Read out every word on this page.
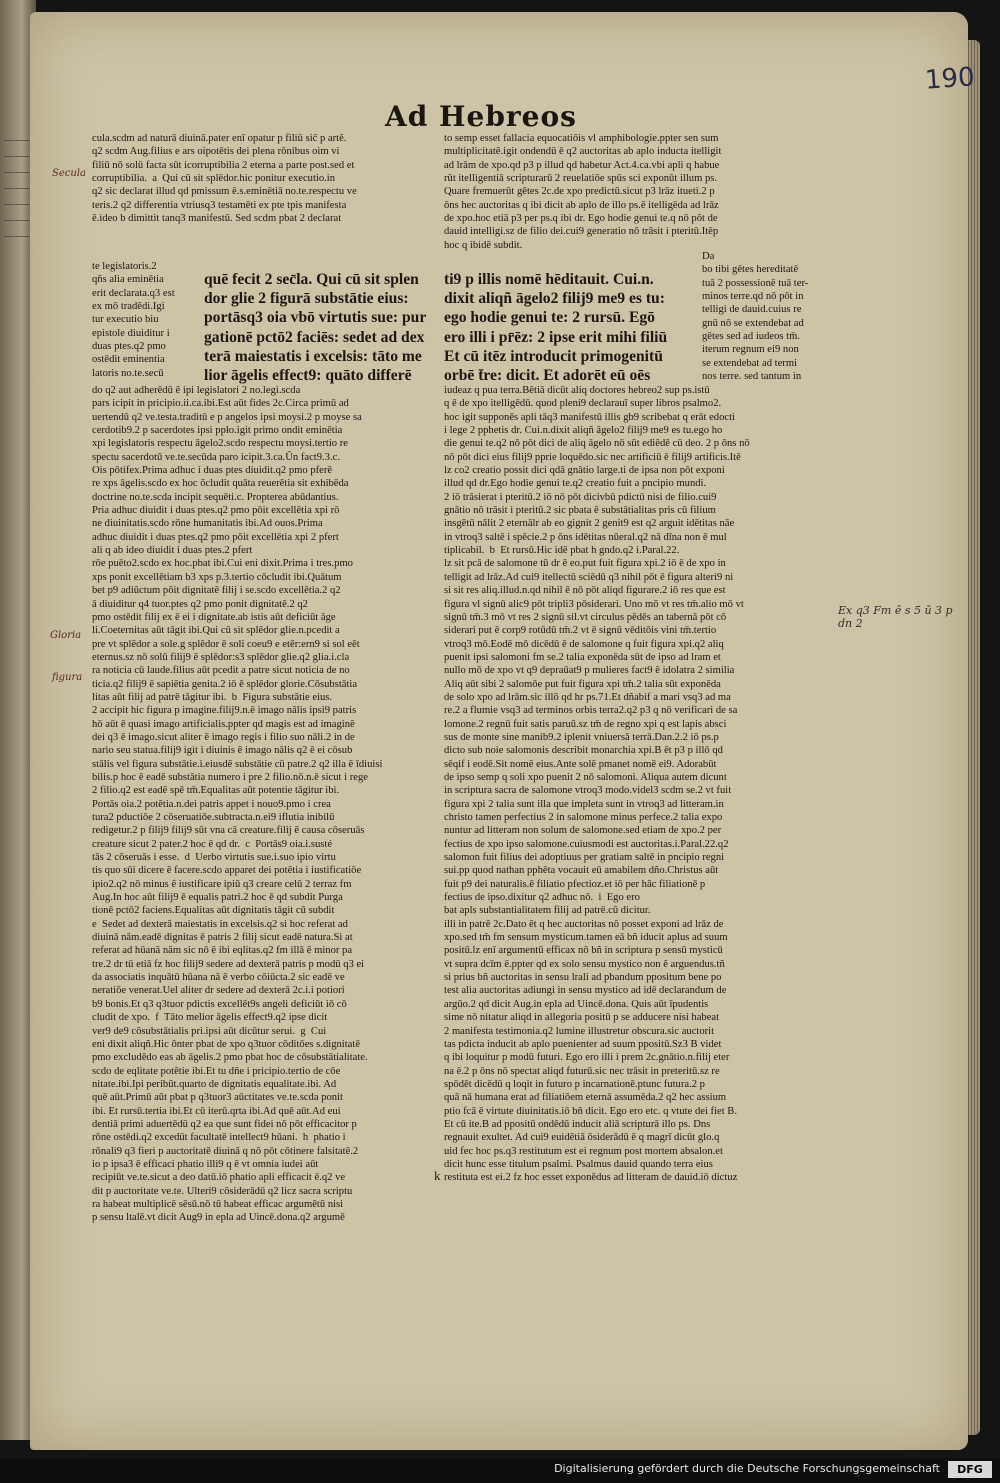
190
Ad Hebreos
cula.scdm ad naturā diuinā.pater enī opatur p filiū sic̄ p artē.
q2 scdm Aug.filius e ars oipotētis dei plena rōnibus oim vi
filiū nō solū facta sūt icorruptibilia 2 eterna a parte post.sed et
corruptibilia.  a  Qui cū sit splēdor.hic ponitur executio.in
q2 sic declarat illud qd pmissum ē.s.eminētiā no.te.respectu ve
teris.2 q2 differentia vtriusq3 testamēti ex pte tpis manifesta
ē.ideo b dimittit tanq3 manifestū. Sed scdm pbat 2 declarat
te legislatoris.2
qñs alia eminētia
erit declarata.q3 est
ex mō tradēdi.Igi
tur executio biu
epistole diuiditur i
duas ptes.q2 pmo
ostēdit eminentia
latoris no.te.secū
quē fecit 2 sec̄la. Qui cū sit splen
dor glie 2 figurā substātie eius:
portāsq3 oia vbō virtutis sue: pur
gationē pctō2 faciēs: sedet ad dex
terā maiestatis i excelsis: tāto me
lior āgelis effect9: quāto differē
do q2 aut adherēdū ē ipi legislatori 2 no.legi.scda
pars icipit in pricipio.ii.ca.ibi.Est aūt fides 2c.Circa primū ad
uertendū q2 ve.testa.traditū e p angelos ipsi moysi.2 p moyse sa
cerdotib9.2 p sacerdotes ipsi ppło.igit primo ondit eminētia
xpi legislatoris respectu āgelo2.scdo respectu moysi.tertio re
spectu sacerdotū ve.te.secūda paro icipit.3.ca.Ūn fact9.3.c.
Ois pōtifex.Prima adhuc i duas ptes diuidit.q2 pmo pferē
re xps āgelis.scdo ex hoc ōcludit quāta reuerētia sit exhibēda
doctrine no.te.scda incipit sequēti.c. Propterea abūdantius.
Pria adhuc diuidit i duas ptes.q2 pmo pōit excellētia xpi rō
ne diuinitatis.scdo rōne humanitatis ibi.Ad ouos.Prima
adhuc diuidit i duas ptes.q2 pmo pōit excellētia xpi 2 pfert
ali q ab ideo diuidit i duas ptes.2 pfert
rōe puēto2.scdo ex hoc.pbat ibi.Cui eni dixit.Prima i tres.pmo
xps ponit excellētiam b3 xps p.3.tertio cōcludit ibi.Quātum
bet p9 adiūctum pōit dignitatē filij i se.scdo excellētia.2 q2
ā diuiditur q4 tuor.ptes q2 pmo ponit dignitatē.2 q2
pmo ostēdit filij ex ē ei i dignitate.ab istis aūt deficiūt āge
li.Coeternitas aūt tāgit ibi.Qui cū sit splēdor glie.n.pcedit a
pre vt splēdor a sole.g splēdor ē soli coeu9 e etēr:ern9 si sol eēt
eternus.sz nō solū filij9 ē splēdor:s3 splēdor glie.q2 glia.i.cla
ra noticia cū laude.filius aūt pcedit a patre sicut noticia de no
ticia.q2 filij9 ē sapiētia genita.2 iō ē splēdor glorie.Cōsubstātia
litas aūt filij ad patrē tāgitur ibi.  b  Figura substātie eius.
2 accipit hic figura p imagine.filij9.n.ē imago nālis ipsi9 patris
hō aūt ē quasi imago artificialis.ppter qd magis est ad imaginē
dei q3 ē imago.sicut aliter ē imago regis i filio suo nāli.2 in de
nario seu statua.filij9 igit i diuinis ē imago nālis q2 ē ei cōsub
stālis vel figura substātie.i.eiusdē substātie cū patre.2 q2 illa ē īdiuisi
bilis.p hoc ē eadē substātia numero i pre 2 filio.nō.n.ē sicut i rege
2 filio.q2 est eadē spē tm̄.Equalitas aūt potentie tāgitur ibi.
Portās oia.2 potētia.n.dei patris appet i nouo9.pmo i crea
tura2 pductiōe 2 cōseruatiōe.subtracta.n.ei9 iflutia inibilū
redigetur.2 p filij9 filij9 sūt vna cā creature.filij ē causa cōseruās
creature sicut 2 pater.2 hoc ē qd dr.  c  Portās9 oia.i.susté
tās 2 cōseruās i esse.  d  Uerbo virtutis sue.i.suo ipio virtu
tis quo sūi dicere ē facere.scdo apparet dei potētia i iustificatiōe
ipio2.q2 nō minus ē iustificare ipiū q3 creare celū 2 terraz fm
Aug.In hoc aūt filij9 ē equalis patri.2 hoc ē qd subdit Purga
tionē pctō2 faciens.Equalitas aūt dignitatis tāgit cū subdit
e  Sedet ad dexterā maiestatis in excelsis.q2 si hoc referat ad
diuinā nām.eadē dignitas ē patris 2 filij sicut eadē natura.Si at
referat ad hūanā nām sic nō ē ibi eqlitas.q2 fm illā ē minor pa
tre.2 dr tū etiā fz hoc filij9 sedere ad dexterā patris p modū q3 ei
da associatis inquātū hūana nā ē verbo cōiūcta.2 sic eadē ve
neratiōe venerat.Uel aliter dr sedere ad dexterā 2c.i.i potiori
b9 bonis.Et q3 q3tuor pdictis excellēt9s angeli deficiūt iō cō
cludit de xpo.  f  Tāto melior āgelis effect9.q2 ipse dicit
ver9 de9 cōsubstātialis pri.ipsi aūt dicūtur serui.  g  Cui
eni dixit aliqñ.Hic ōnter pbat de xpo q3tuor cōditōes s.dignitatē
pmo excludēdo eas ab āgelis.2 pmo pbat hoc de cōsubstātialitate.
scdo de eqlitate potētie ibi.Et tu dñe i pricipio.tertio de cōe
nitate.ibi.Ipi peribūt.quarto de dignitatis equalitate.ibi. Ad
quē aūt.Primū aūt pbat p q3tuor3 aūctitates ve.te.scda ponit
ibi. Et rursū.tertia ibi.Et cū iterū.qrta ibi.Ad quē aūt.Ad eui
dentiā primi aduertēdū q2 ea que sunt fidei nō pōt efficacitor p
rōne ostēdi.q2 excedūt facultatē intellect9 hūani.  h  phatio i
rōnali9 q3 fieri p auctoritatē diuinā q nō pōt cōtinere falsitatē.2
io p ipsa3 ē efficaci phatio illi9 q ē vt omnia iudei aūt
recipiūt ve.te.sicut a deo datū.iō phatio apli efficacit ē.q2 ve
dit p auctoritate ve.te. Ulteri9 cōsiderādū q2 licz sacra scriptu
ra habeat multiplicē sēsū.nō tū habeat efficac argumētū nisi
p sensu ltalē.vt dicit Aug9 in epla ad Uincē.dona.q2 argumē
to semp esset fallacia equocatiōis vl amphibologie.ppter sen sum
multiplicitatē.igit ondendū ē q2 auctoritas ab aplo inducta itelligit
ad lrām de xpo.qd p3 p illud qd habetur Act.4.ca.vbi apli q habue
rūt itelligentiā scripturarū 2 reuelatiōe spūs sci exponūt illum ps.
Quare fremuerūt gētes 2c.de xpo predictū.sicut p3 lrāz itueti.2 p
ōns hec auctoritas q ibi dicit ab aplo de illo ps.ē itelligēda ad lrāz
de xpo.hoc etiā p3 per ps.q ibi dr. Ego hodie genui te.q nō pōt de
dauid intelligi.sz de filio dei.cui9 generatio nō trāsit i pteritū.Itēp
hoc q ibidē subdit.
ti9 p illis nomē hēditauit. Cui.n.
dixit aliqñ āgelo2 filij9 me9 es tu:
ego hodie genui te: 2 rursū. Egō
ero illi i pr̄ēz: 2 ipse erit mihi filiū
Et cū itēz introducit primogenitū
orbē t̄re: dicit. Et adorēt eū oēs
Da
bo tibi gētes hereditatē
tuā 2 possessionē tuā ter-
minos terre.qd nō pōt in
telligi de dauid.cuius re
gnū nō se extendebat ad
gētes sed ad iudeos tm̄.
iterum regnum ei9 non
se extendebat ad termi
nos terre. sed tantum in
iudeaz q pua terra.Bētiā dicūt aliq doctores hebreo2 sup ps.istū
q ē de xpo itelligēdū. quod pleni9 declarauī super libros psalmo2.
hoc igit supponēs apli tāq3 manifestū illis gb9 scribebat q erāt edocti
i lege 2 pphetis dr. Cui.n.dixit aliqñ āgelo2 filij9 me9 es tu.ego ho
die genui te.q2 nō pōt dici de aliq āgelo nō sūt ediēdē cū deo. 2 p ōns nō
nō pōt dici eius filij9 pprie loquēdo.sic nec artificiū ē filij9 artificis.Itē
lz co2 creatio possit dici qdā gnātio large.ti de ipsa non pōt exponi
illud qd dr.Ego hodie genui te.q2 creatio fuit a pncipio mundi.
2 iō trāsierat i pteritū.2 iō nō pōt dicivbū pdictū nisi de filio.cui9
gnātio nō trāsit i pteritū.2 sic pbata ē substātialitas pris cū filium
insgētū nālit 2 eternālr ab eo gignit 2 genit9 est q2 arguit idētitas nāe
in vtroq3 saltē i spēcie.2 p ōns idētitas nūeral.q2 nā dīna non ē mul
tiplicabil.  b  Et rursū.Hic idē pbat h gndo.q2 i.Paral.22.
lz sit pcā de salomone tū dr ē eo.put fuit figura xpi.2 iō ē de xpo in
telligit ad lrāz.Ad cui9 itellectū sciēdū q3 nihil pōt ē figura alteri9 ni
si sit res aliq.illud.n.qd nihil ē nō pōt aliqd figurare.2 iō res que est
figura vl signū alic9 pōt tripli3 pōsiderari. Uno mō vt res tm̄.alio mō vt
signū tm̄.3 mō vt res 2 signū sil.vt circulus pēdēs an tabernā pōt cō
siderari put ē corp9 rotūdū tm̄.2 vt ē signū vēditōis vini tm̄.tertio
vtroq3 mō.Eodē mō dicēdū ē de salomone q fuit figura xpi.q2 aliq
puenit ipsi salomoni fm se.2 talia exponēda sūt de ipso ad lram et
nullo mō de xpo vt q9 depraūat9 p mulieres fact9 ē idolatra 2 similia
Aliq aūt sibi 2 salomōe put fuit figura xpi tm̄.2 talia sūt exponēda
de solo xpo ad lrām.sic illō qd hr ps.71.Et dñabif a mari vsq3 ad ma
re.2 a flumie vsq3 ad terminos orbis terra2.q2 p3 q nō verificari de sa
lomone.2 regnū fuit satis paruū.sz tm̄ de regno xpi q est lapis absci
sus de monte sine manib9.2 iplenit vniuersā terrā.Dan.2.2 iō ps.p
dicto sub noie salomonis describit monarchia xpi.B ēt p3 p illō qd
sēqif i eodē.Sit nomē eius.Ante solē pmanet nomē ei9. Adorabūt
de ipso semp q soli xpo puenit 2 nō salomoni. Aliqua autem dicunt
in scriptura sacra de salomone vtroq3 modo.videl3 scdm se.2 vt fuit
figura xpi 2 talia sunt illa que impleta sunt in vtroq3 ad litteram.in
christo tamen perfectius 2 in salomone minus perfece.2 talia expo
nuntur ad litteram non solum de salomone.sed etiam de xpo.2 per
fectius de xpo ipso salomone.cuiusmodi est auctoritas.i.Paral.22.q2
salomon fuit filius dei adoptiuus per gratiam saltē in pncipio regni
sui.pp quod nathan pphēta vocauit eū amabilem dño.Christus aūt
fuit p9 dei naturalis.ē filiatio pfectioz.et iō per hāc filiationē p
fectius de ipso.dixitur q2 adhuc nō.  i  Ego ero
bat apls substantialitatem filij ad patrē.cū dicitur.
illi in patrē 2c.Dato ēt q hec auctoritas nō posset exponi ad lrāz de
xpo.sed tm̄ fm sensum mysticum.tamen eā bñ iducit aplus ad suum
positū.lz enī argumentū efficax nō bñ in scriptura p sensū mysticū
vt supra dcīm ē.ppter qd ex solo sensu mystico non ē arguendus.tñ
si prius bñ auctoritas in sensu lrali ad pbandum ppositum bene po
test alia auctoritas adiungi in sensu mystico ad idē declarandum de
argūo.2 qd dicit Aug.in epla ad Uincē.dona. Quis aūt īpudentis
sime nō nitatur aliqd in allegoria positū p se adducere nisi habeat
2 manifesta testimonia.q2 lumine illustretur obscura.sic auctorit
tas pdicta inducit ab aplo puenienter ad suum ppositū.Sz3 B videt
q ibi loquitur p modū futuri. Ego ero illi i prem 2c.gnātio.n.filij eter
na ē.2 p ōns nō spectat aliqd futurū.sic nec trāsit in preteritū.sz re
spōdēt dicēdū q loqit in futuro p incarnationē.ptunc futura.2 p
quā nā humana erat ad filiatiōem eternā assumēda.2 q2 hec assium
ptio fcā ē virtute diuinitatis.iō bñ dicit. Ego ero etc. q vtute dei fiet B.
Et cū ite.B ad ppositū ondēdū inducit aliā scripturā illo ps. Dns
regnauit exultet. Ad cui9 euidētiā ōsiderādū ē q magrī dicūt glo.q
uid fec hoc ps.q3 restitutum est ei regnum post mortem absalon.et
dicit hunc esse titulum psalmi. Psalmus dauid quando terra eius
restituta est ei.2 fz hoc esset exponēdus ad litteram de dauid.iō dictuz
Secula
Gloria
figura
Ex q3 Fm ē s 5 ū 3 p dn 2
k
Digitalisierung gefördert durch die Deutsche Forschungsgemeinschaft	DFG
